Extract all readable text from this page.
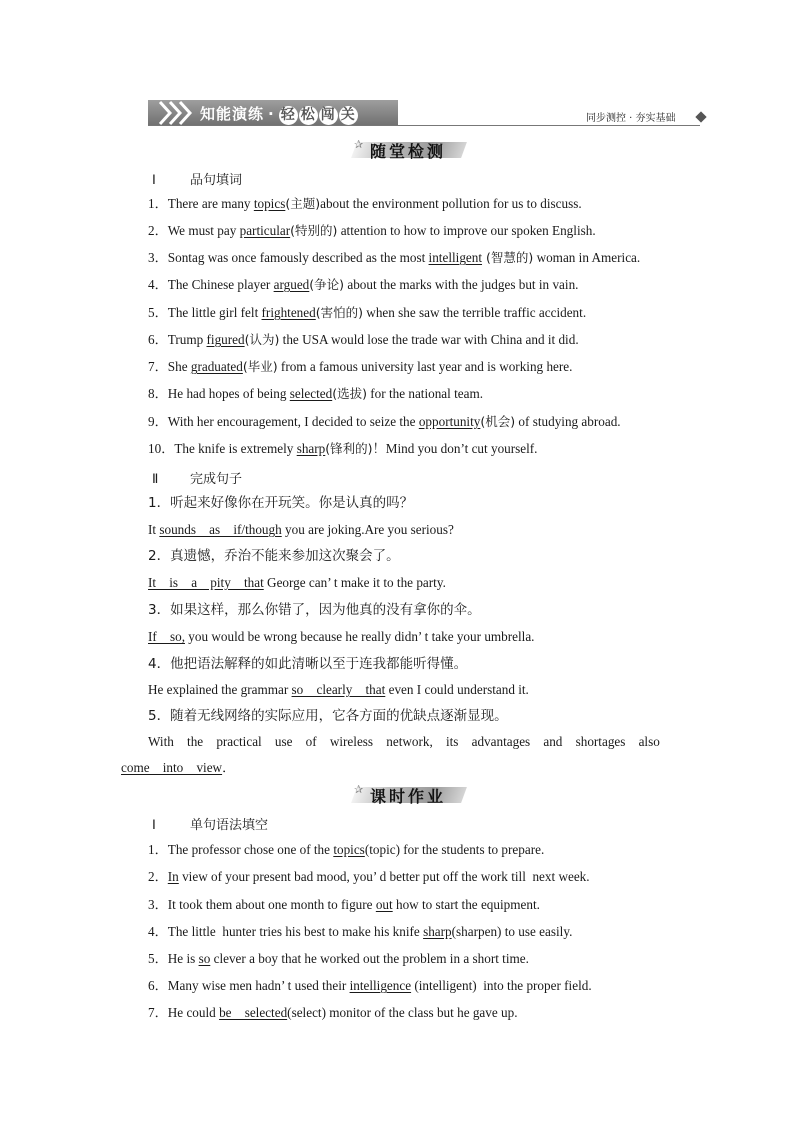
知能演练 · 轻 松 闯 关	同步测控 · 夯实基础
✰ 随堂检测
Ⅰ	品句填词
1．There are many topics(主题)about the environment pollution for us to discuss.
2．We must pay particular(特别的) attention to how to improve our spoken English.
3．Sontag was once famously described as the most intelligent (智慧的) woman in America.
4．The Chinese player argued(争论) about the marks with the judges but in vain.
5．The little girl felt frightened(害怕的) when she saw the terrible traffic accident.
6．Trump figured(认为) the USA would lose the trade war with China and it did.
7．She graduated(毕业) from a famous university last year and is working here.
8．He had hopes of being selected(选拔) for the national team.
9．With her encouragement, I decided to seize the opportunity(机会) of studying abroad.
10．The knife is extremely sharp(锋利的)！Mind you don’t cut yourself.
Ⅱ 完成句子
1．听起来好像你在开玩笑。你是认真的吗？
It sounds    as    if/though you are joking.Are you serious?
2．真遗憾，乔治不能来参加这次聚会了。
It    is    a    pity    that George can’ t make it to the party.
3．如果这样，那么你错了，因为他真的没有拿你的伞。
If    so, you would be wrong because he really didn’ t take your umbrella.
4．他把语法解释的如此清晰以至于连我都能听得懂。
He explained the grammar so    clearly    that even I could understand it.
5．随着无线网络的实际应用，它各方面的优缺点逐渐显现。
With    the    practical    use    of    wireless    network,    its    advantages    and    shortages    also
come    into    view．
✰ 课时作业
Ⅰ	单句语法填空
1．The professor chose one of the topics(topic) for the students to prepare.
2．In view of your present bad mood, you’ d better put off the work till  next week.
3．It took them about one month to figure out how to start the equipment.
4．The little  hunter tries his best to make his knife sharp(sharpen) to use easily.
5．He is so clever a boy that he worked out the problem in a short time.
6．Many wise men hadn’ t used their intelligence (intelligent)  into the proper field.
7．He could be    selected(select) monitor of the class but he gave up.
